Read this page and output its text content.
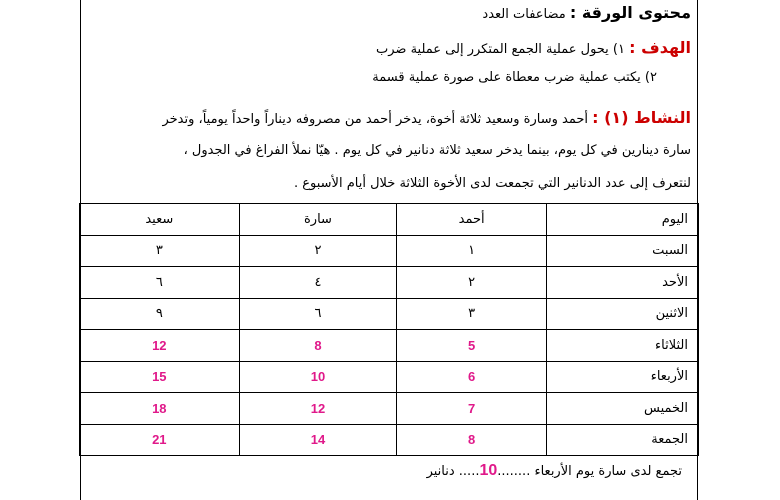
محتوى الورقة : مضاعفات العدد
الهدف : ١) يحول عملية الجمع المتكرر إلى عملية ضرب
٢) يكتب عملية ضرب معطاة على صورة عملية قسمة
النشاط (١) : أحمد وسارة وسعيد ثلاثة أخوة، يدخر أحمد من مصروفه ديناراً واحداً يومياً، وتدخر
سارة دينارين في كل يوم، بينما يدخر سعيد ثلاثة دنانير في كل يوم . هيّا نملأ الفراغ في الجدول ،
لنتعرف إلى عدد الدنانير التي تجمعت لدى الأخوة الثلاثة خلال أيام الأسبوع .
اليوم	أحمد	سارة	سعيد
السبت	١	٢	٣
الأحد	٢	٤	٦
الاثنين	٣	٦	٩
الثلاثاء	5	8	12
الأربعاء	6	10	15
الخميس	7	12	18
الجمعة	8	14	21
تجمع لدى سارة يوم الأربعاء ........10..... دنانير
